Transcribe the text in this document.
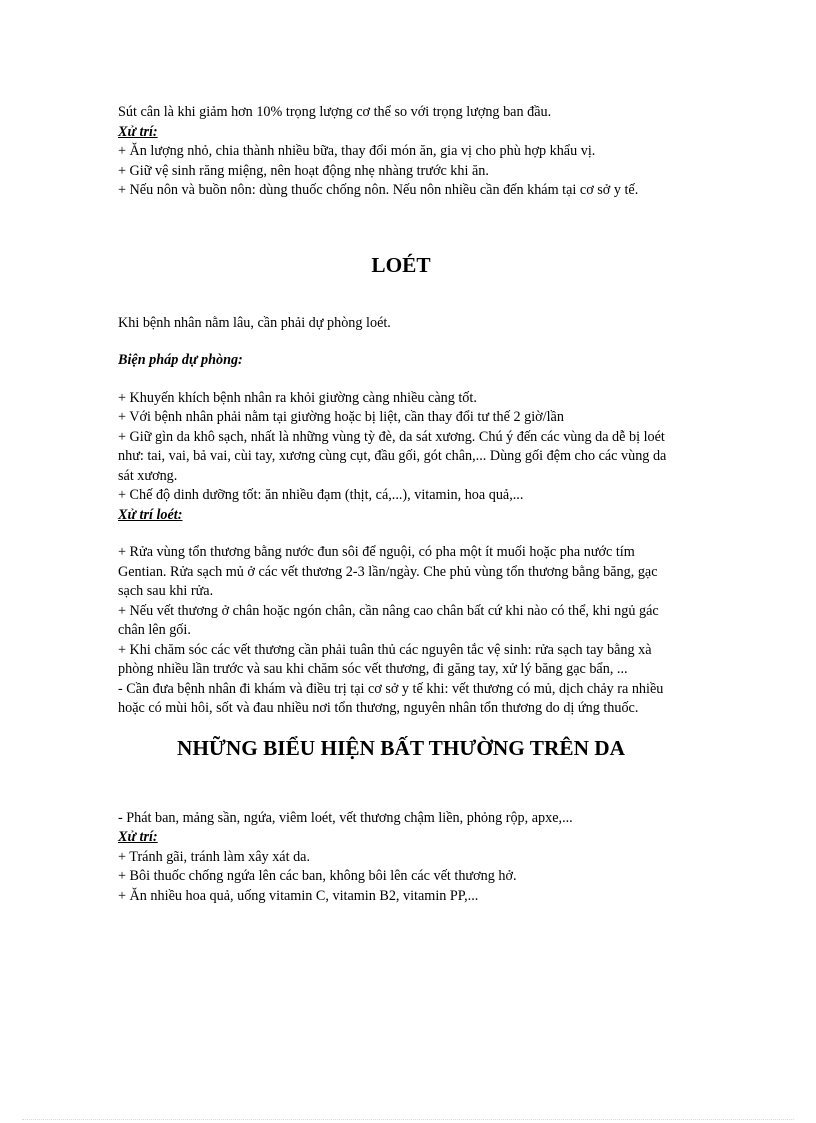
Sút cân là khi giảm hơn 10% trọng lượng cơ thể so với trọng lượng ban đầu.

Xử trí:

+ Ăn lượng nhỏ, chia thành nhiều bữa, thay đổi món ăn, gia vị cho phù hợp khẩu vị.

+ Giữ vệ sinh răng miệng, nên hoạt động nhẹ nhàng trước khi ăn.

+ Nếu nôn và buồn nôn: dùng thuốc chống nôn. Nếu nôn nhiều cần đến khám tại cơ sở y tế.

LOÉT

Khi bệnh nhân nằm lâu, cần phải dự phòng loét.

Biện pháp dự phòng:

+ Khuyến khích bệnh nhân ra khỏi giường càng nhiều càng tốt.

+ Với bệnh nhân phải nằm tại giường hoặc bị liệt, cần thay đổi tư thế 2 giờ/lần

+ Giữ gìn da khô sạch, nhất là những vùng tỳ đè, da sát xương. Chú ý đến các vùng da dễ bị loét như: tai, vai, bả vai, cùi tay, xương cùng cụt, đầu gối, gót chân,... Dùng gối đệm cho các vùng da sát xương.

+ Chế độ dinh dưỡng tốt: ăn nhiều đạm (thịt, cá,...), vitamin, hoa quả,...

Xử trí loét:

+ Rửa vùng tổn thương bằng nước đun sôi để nguội, có pha một ít muối hoặc pha nước tím Gentian. Rửa sạch mủ ở các vết thương 2-3 lần/ngày. Che phủ vùng tổn thương bằng băng, gạc sạch sau khi rửa.

+ Nếu vết thương ở chân hoặc ngón chân, cần nâng cao chân bất cứ khi nào có thể, khi ngủ gác chân lên gối.

+ Khi chăm sóc các vết thương cần phải tuân thủ các nguyên tắc vệ sinh: rửa sạch tay bằng xà phòng nhiều lần trước và sau khi chăm sóc vết thương, đi găng tay, xử lý băng gạc bẩn, ...

- Cần đưa bệnh nhân đi khám và điều trị tại cơ sở y tế khi: vết thương có mủ, dịch chảy ra nhiều hoặc có mùi hôi, sốt và đau nhiều nơi tổn thương, nguyên nhân tổn thương do dị ứng thuốc.

NHỮNG BIỂU HIỆN BẤT THƯỜNG TRÊN DA

- Phát ban, mảng sần, ngứa, viêm loét, vết thương chậm liền, phỏng rộp, apxe,...

Xử trí:

+ Tránh gãi, tránh làm xây xát da.

+ Bôi thuốc chống ngứa lên các ban, không bôi lên các vết thương hở.

+ Ăn nhiều hoa quả, uống vitamin C, vitamin B2, vitamin PP,...
